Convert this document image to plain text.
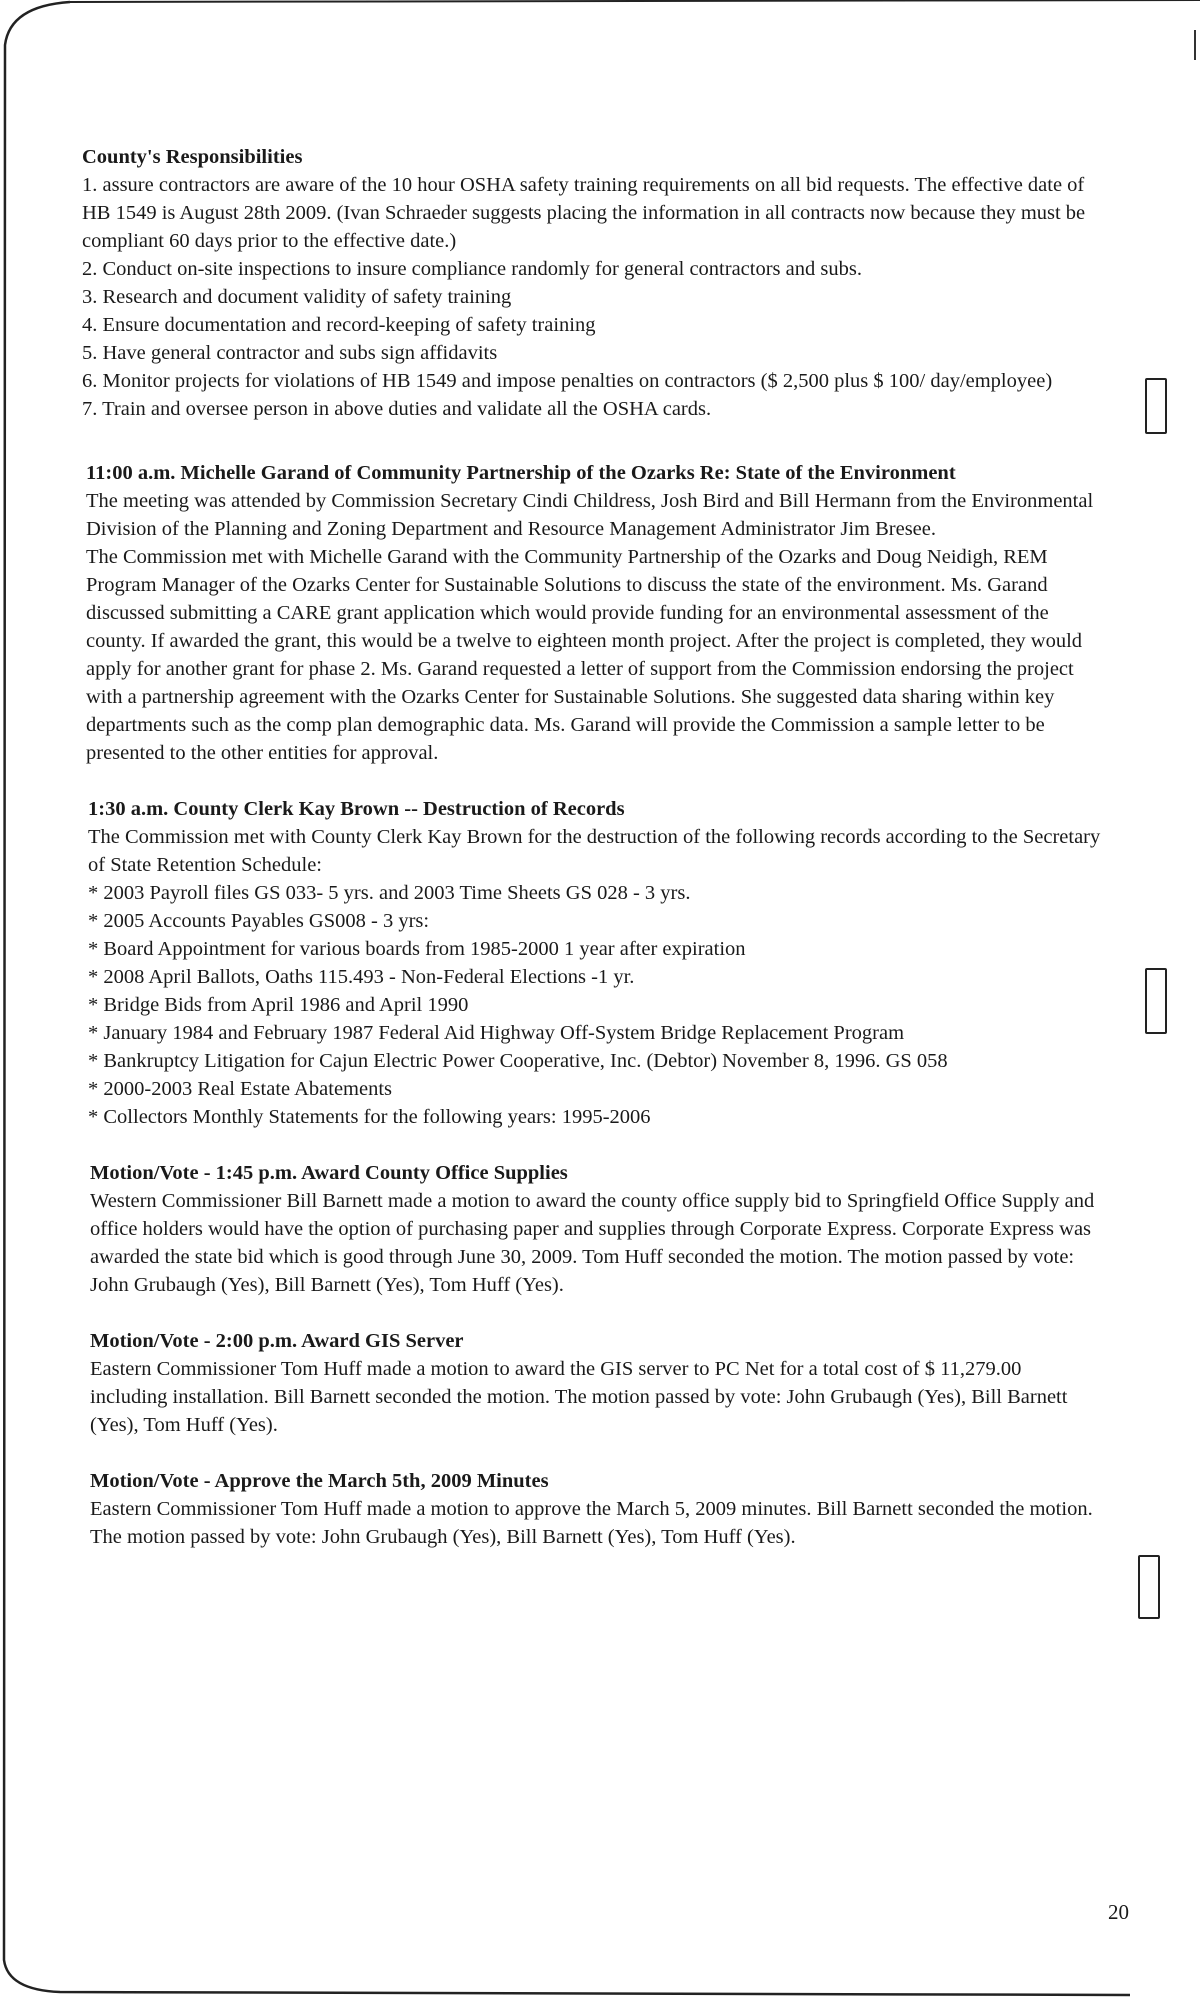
County's Responsibilities
1. assure contractors are aware of the 10 hour OSHA safety training requirements on all bid requests. The effective date of HB 1549 is August 28th 2009. (Ivan Schraeder suggests placing the information in all contracts now because they must be compliant 60 days prior to the effective date.)
2. Conduct on-site inspections to insure compliance randomly for general contractors and subs.
3. Research and document validity of safety training
4. Ensure documentation and record-keeping of safety training
5. Have general contractor and subs sign affidavits
6. Monitor projects for violations of HB 1549 and impose penalties on contractors ($ 2,500 plus $ 100/ day/employee)
7. Train and oversee person in above duties and validate all the OSHA cards.
11:00 a.m. Michelle Garand of Community Partnership of the Ozarks Re: State of the Environment

The meeting was attended by Commission Secretary Cindi Childress, Josh Bird and Bill Hermann from the Environmental Division of the Planning and Zoning Department and Resource Management Administrator Jim Bresee.

The Commission met with Michelle Garand with the Community Partnership of the Ozarks and Doug Neidigh, REM Program Manager of the Ozarks Center for Sustainable Solutions to discuss the state of the environment. Ms. Garand discussed submitting a CARE grant application which would provide funding for an environmental assessment of the county. If awarded the grant, this would be a twelve to eighteen month project. After the project is completed, they would apply for another grant for phase 2. Ms. Garand requested a letter of support from the Commission endorsing the project with a partnership agreement with the Ozarks Center for Sustainable Solutions. She suggested data sharing within key departments such as the comp plan demographic data. Ms. Garand will provide the Commission a sample letter to be presented to the other entities for approval.

1:30 a.m. County Clerk Kay Brown -- Destruction of Records

The Commission met with County Clerk Kay Brown for the destruction of the following records according to the Secretary of State Retention Schedule:

* 2003 Payroll files GS 033- 5 yrs. and 2003 Time Sheets GS 028 - 3 yrs.
* 2005 Accounts Payables GS008 - 3 yrs:
* Board Appointment for various boards from 1985-2000 1 year after expiration
* 2008 April Ballots, Oaths 115.493 - Non-Federal Elections -1 yr.
* Bridge Bids from April 1986 and April 1990
* January 1984 and February 1987 Federal Aid Highway Off-System Bridge Replacement Program
* Bankruptcy Litigation for Cajun Electric Power Cooperative, Inc. (Debtor) November 8, 1996. GS 058
* 2000-2003 Real Estate Abatements
* Collectors Monthly Statements for the following years: 1995-2006
Motion/Vote - 1:45 p.m. Award County Office Supplies

Western Commissioner Bill Barnett made a motion to award the county office supply bid to Springfield Office Supply and office holders would have the option of purchasing paper and supplies through Corporate Express. Corporate Express was awarded the state bid which is good through June 30, 2009. Tom Huff seconded the motion. The motion passed by vote: John Grubaugh (Yes), Bill Barnett (Yes), Tom Huff (Yes).

Motion/Vote - 2:00 p.m. Award GIS Server

Eastern Commissioner Tom Huff made a motion to award the GIS server to PC Net for a total cost of $ 11,279.00 including installation. Bill Barnett seconded the motion. The motion passed by vote: John Grubaugh (Yes), Bill Barnett (Yes), Tom Huff (Yes).

Motion/Vote - Approve the March 5th, 2009 Minutes

Eastern Commissioner Tom Huff made a motion to approve the March 5, 2009 minutes. Bill Barnett seconded the motion. The motion passed by vote: John Grubaugh (Yes), Bill Barnett (Yes), Tom Huff (Yes).

20
